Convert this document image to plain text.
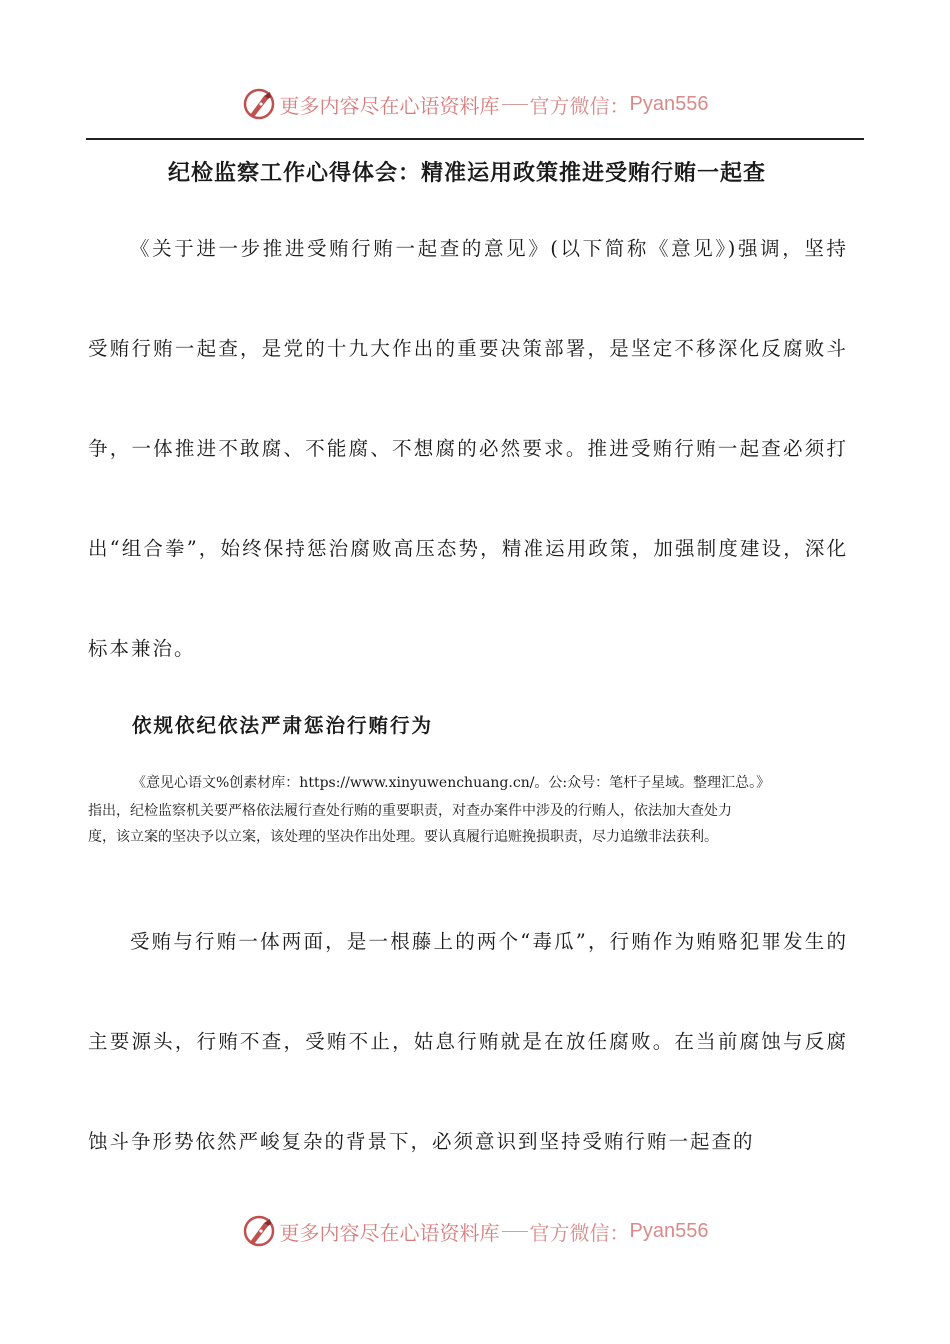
更多内容尽在心语资料库 官方微信： Pyan556
纪检监察工作心得体会：精准运用政策推进受贿行贿一起查

《关于进一步推进受贿行贿一起查的意见》(以下简称《意见》)强调，坚持受贿行贿一起查，是党的十九大作出的重要决策部署，是坚定不移深化反腐败斗争，一体推进不敢腐、不能腐、不想腐的必然要求。推进受贿行贿一起查必须打出“组合拳”，始终保持惩治腐败高压态势，精准运用政策，加强制度建设，深化标本兼治。

依规依纪依法严肃惩治行贿行为
《意见心语文%创素材库：https://www.xinyuwenchuang.cn/。公:众号：笔杆子星域。整理汇总。》
指出，纪检监察机关要严格依法履行查处行贿的重要职责，对查办案件中涉及的行贿人，依法加大查处力
度，该立案的坚决予以立案，该处理的坚决作出处理。要认真履行追赃挽损职责，尽力追缴非法获利。

受贿与行贿一体两面，是一根藤上的两个“毒瓜”，行贿作为贿赂犯罪发生的主要源头，行贿不查，受贿不止，姑息行贿就是在放任腐败。在当前腐蚀与反腐蚀斗争形势依然严峻复杂的背景下，必须意识到坚持受贿行贿一起查的

更多内容尽在心语资料库 官方微信： Pyan556
